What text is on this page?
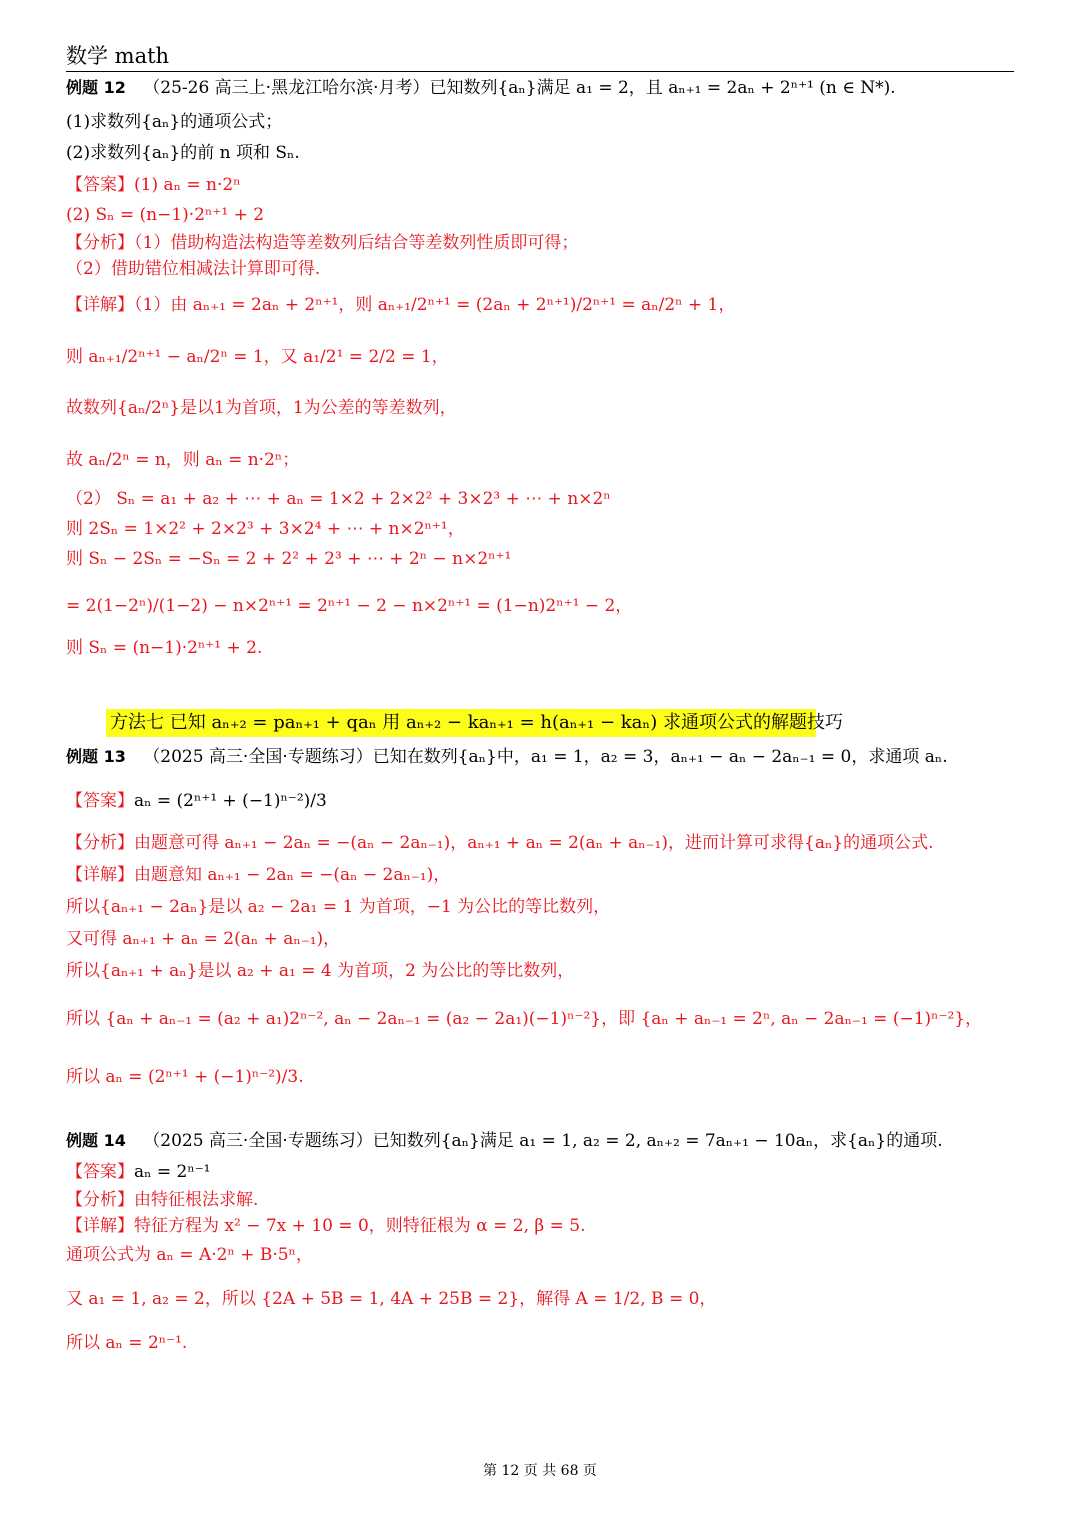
数学 math
例题 12 （25-26 高三上·黑龙江哈尔滨·月考）已知数列{aₙ}满足 a₁ = 2，且 aₙ₊₁ = 2aₙ + 2ⁿ⁺¹ (n ∈ N*).
(1)求数列{aₙ}的通项公式；
(2)求数列{aₙ}的前 n 项和 Sₙ.
【答案】(1) aₙ = n·2ⁿ
(2) Sₙ = (n−1)·2ⁿ⁺¹ + 2
【分析】（1）借助构造法构造等差数列后结合等差数列性质即可得；
（2）借助错位相减法计算即可得.
【详解】（1）由 aₙ₊₁ = 2aₙ + 2ⁿ⁺¹，则 aₙ₊₁/2ⁿ⁺¹ = (2aₙ + 2ⁿ⁺¹)/2ⁿ⁺¹ = aₙ/2ⁿ + 1，
则 aₙ₊₁/2ⁿ⁺¹ − aₙ/2ⁿ = 1，又 a₁/2¹ = 2/2 = 1，
故数列{aₙ/2ⁿ}是以1为首项，1为公差的等差数列，
故 aₙ/2ⁿ = n，则 aₙ = n·2ⁿ；
（2） Sₙ = a₁ + a₂ + ⋯ + aₙ = 1×2 + 2×2² + 3×2³ + ⋯ + n×2ⁿ
则 2Sₙ = 1×2² + 2×2³ + 3×2⁴ + ⋯ + n×2ⁿ⁺¹，
则 Sₙ − 2Sₙ = −Sₙ = 2 + 2² + 2³ + ⋯ + 2ⁿ − n×2ⁿ⁺¹
= 2(1−2ⁿ)/(1−2) − n×2ⁿ⁺¹ = 2ⁿ⁺¹ − 2 − n×2ⁿ⁺¹ = (1−n)2ⁿ⁺¹ − 2，
则 Sₙ = (n−1)·2ⁿ⁺¹ + 2.
方法七 已知 aₙ₊₂ = paₙ₊₁ + qaₙ 用 aₙ₊₂ − kaₙ₊₁ = h(aₙ₊₁ − kaₙ) 求通项公式的解题技巧
例题 13 （2025 高三·全国·专题练习）已知在数列{aₙ}中，a₁ = 1，a₂ = 3，aₙ₊₁ − aₙ − 2aₙ₋₁ = 0，求通项 aₙ.
【答案】aₙ = (2ⁿ⁺¹ + (−1)ⁿ⁻²)/3
【分析】由题意可得 aₙ₊₁ − 2aₙ = −(aₙ − 2aₙ₋₁)，aₙ₊₁ + aₙ = 2(aₙ + aₙ₋₁)，进而计算可求得{aₙ}的通项公式.
【详解】由题意知 aₙ₊₁ − 2aₙ = −(aₙ − 2aₙ₋₁)，
所以{aₙ₊₁ − 2aₙ}是以 a₂ − 2a₁ = 1 为首项，−1 为公比的等比数列，
又可得 aₙ₊₁ + aₙ = 2(aₙ + aₙ₋₁)，
所以{aₙ₊₁ + aₙ}是以 a₂ + a₁ = 4 为首项，2 为公比的等比数列，
所以 {aₙ + aₙ₋₁ = (a₂ + a₁)2ⁿ⁻², aₙ − 2aₙ₋₁ = (a₂ − 2a₁)(−1)ⁿ⁻²}，即 {aₙ + aₙ₋₁ = 2ⁿ, aₙ − 2aₙ₋₁ = (−1)ⁿ⁻²}，
所以 aₙ = (2ⁿ⁺¹ + (−1)ⁿ⁻²)/3.
例题 14 （2025 高三·全国·专题练习）已知数列{aₙ}满足 a₁ = 1, a₂ = 2, aₙ₊₂ = 7aₙ₊₁ − 10aₙ，求{aₙ}的通项.
【答案】aₙ = 2ⁿ⁻¹
【分析】由特征根法求解.
【详解】特征方程为 x² − 7x + 10 = 0，则特征根为 α = 2, β = 5.
通项公式为 aₙ = A·2ⁿ + B·5ⁿ，
又 a₁ = 1, a₂ = 2，所以 {2A + 5B = 1, 4A + 25B = 2}，解得 A = 1/2, B = 0，
所以 aₙ = 2ⁿ⁻¹.
第 12 页 共 68 页
